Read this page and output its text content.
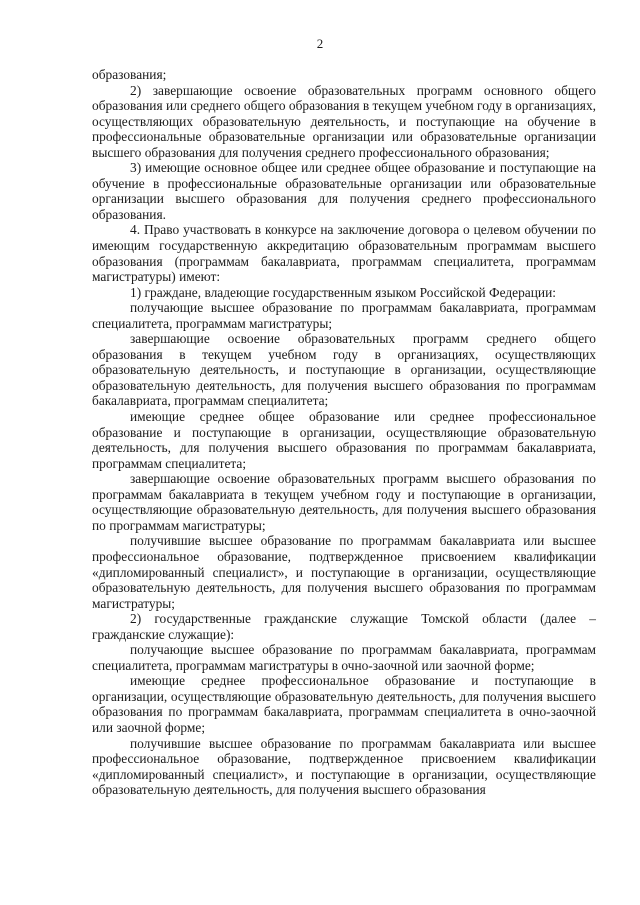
2

образования;

2) завершающие освоение образовательных программ основного общего образования или среднего общего образования в текущем учебном году в организациях, осуществляющих образовательную деятельность, и поступающие на обучение в профессиональные образовательные организации или образовательные организации высшего образования для получения среднего профессионального образования;

3) имеющие основное общее или среднее общее образование и поступающие на обучение в профессиональные образовательные организации или образовательные организации высшего образования для получения среднего профессионального образования.

4. Право участвовать в конкурсе на заключение договора о целевом обучении по имеющим государственную аккредитацию образовательным программам высшего образования (программам бакалавриата, программам специалитета, программам магистратуры) имеют:

1) граждане, владеющие государственным языком Российской Федерации:

получающие высшее образование по программам бакалавриата, программам специалитета, программам магистратуры;

завершающие освоение образовательных программ среднего общего образования в текущем учебном году в организациях, осуществляющих образовательную деятельность, и поступающие в организации, осуществляющие образовательную деятельность, для получения высшего образования по программам бакалавриата, программам специалитета;

имеющие среднее общее образование или среднее профессиональное образование и поступающие в организации, осуществляющие образовательную деятельность, для получения высшего образования по программам бакалавриата, программам специалитета;

завершающие освоение образовательных программ высшего образования по программам бакалавриата в текущем учебном году и поступающие в организации, осуществляющие образовательную деятельность, для получения высшего образования по программам магистратуры;

получившие высшее образование по программам бакалавриата или высшее профессиональное образование, подтвержденное присвоением квалификации «дипломированный специалист», и поступающие в организации, осуществляющие образовательную деятельность, для получения высшего образования по программам магистратуры;

2) государственные гражданские служащие Томской области (далее – гражданские служащие):

получающие высшее образование по программам бакалавриата, программам специалитета, программам магистратуры в очно-заочной или заочной форме;

имеющие среднее профессиональное образование и поступающие в организации, осуществляющие образовательную деятельность, для получения высшего образования по программам бакалавриата, программам специалитета в очно-заочной или заочной форме;

получившие высшее образование по программам бакалавриата или высшее профессиональное образование, подтвержденное присвоением квалификации «дипломированный специалист», и поступающие в организации, осуществляющие образовательную деятельность, для получения высшего образования
